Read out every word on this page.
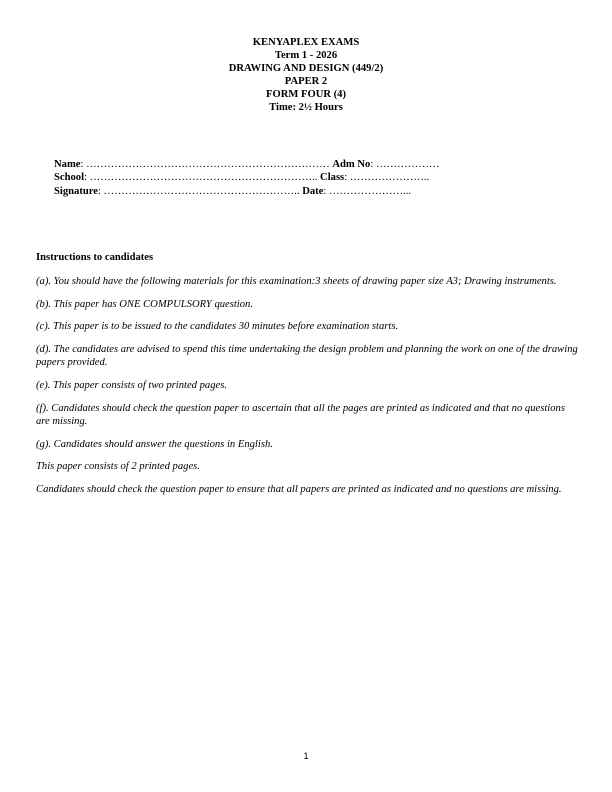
KENYAPLEX EXAMS
Term 1 - 2026
DRAWING AND DESIGN (449/2)
PAPER 2
FORM FOUR (4)
Time: 2½ Hours
Name: …………………………………………………………… Adm No: ………………
School: ……………………………………………………….. Class: …………………..
Signature: ……………………………………………….. Date: …………………...
Instructions to candidates

(a). You should have the following materials for this examination:3 sheets of drawing paper size A3; Drawing instruments.

(b). This paper has ONE COMPULSORY question.

(c). This paper is to be issued to the candidates 30 minutes before examination starts.

(d). The candidates are advised to spend this time undertaking the design problem and planning the work on one of the drawing papers provided.

(e). This paper consists of two printed pages.

(f). Candidates should check the question paper to ascertain that all the pages are printed as indicated and that no questions are missing.

(g). Candidates should answer the questions in English.

This paper consists of 2 printed pages.

Candidates should check the question paper to ensure that all papers are printed as indicated and no questions are missing.

1
